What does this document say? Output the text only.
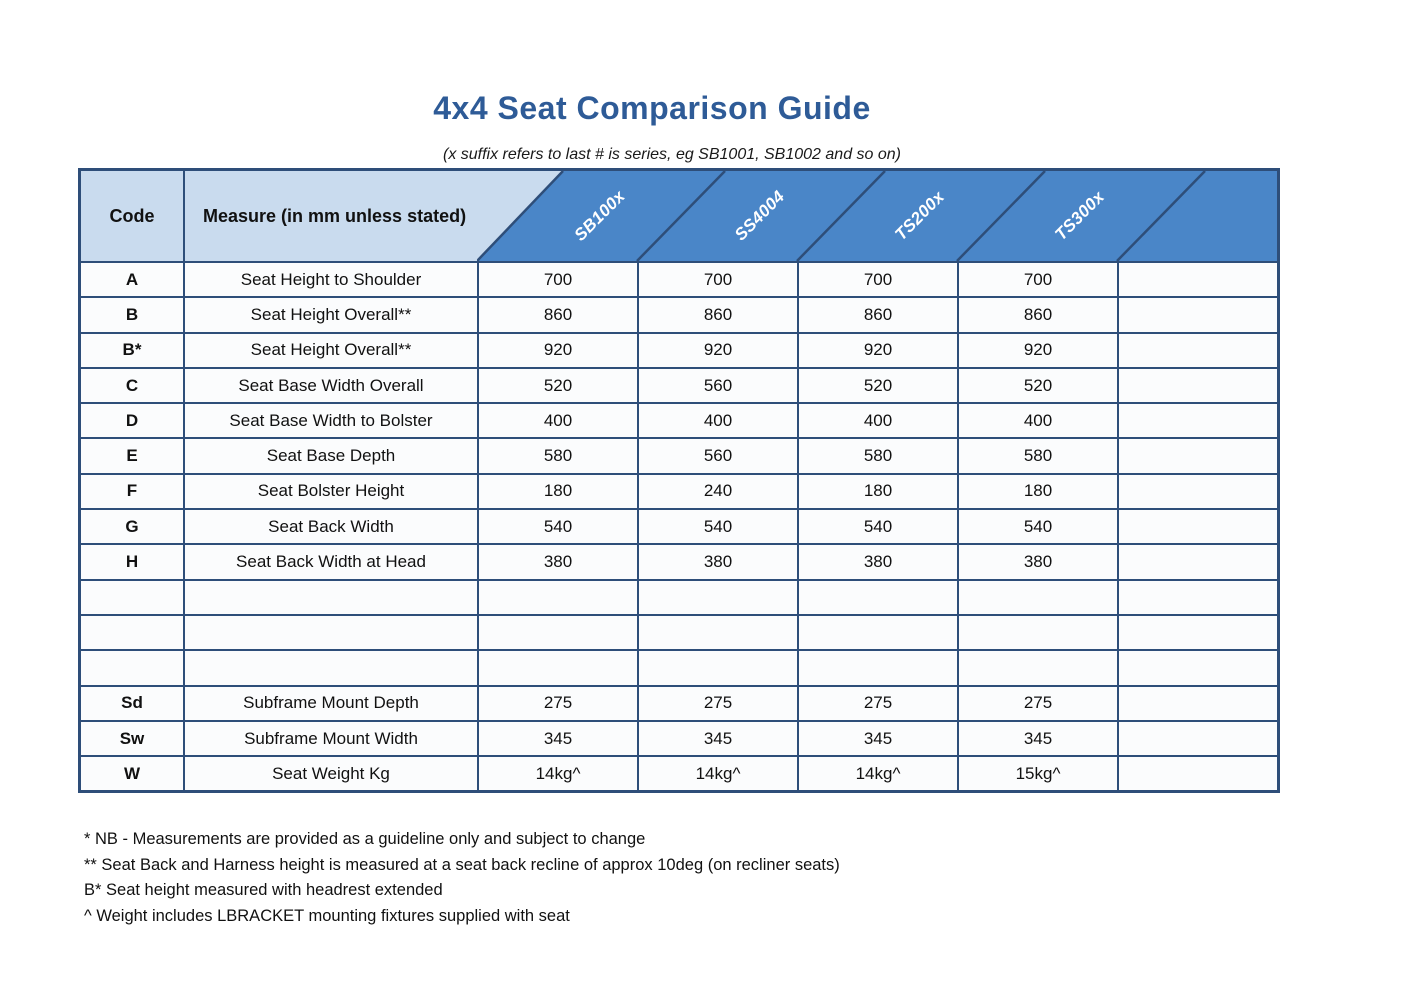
4x4 Seat Comparison Guide
(x suffix refers to last # is series, eg SB1001, SB1002 and so on)
Code	Measure (in mm unless stated)	SB100x	SS4004	TS200x	TS300x
A	Seat Height to Shoulder	700	700	700	700
B	Seat Height Overall**	860	860	860	860
B*	Seat Height Overall**	920	920	920	920
C	Seat Base Width Overall	520	560	520	520
D	Seat Base Width to Bolster	400	400	400	400
E	Seat Base Depth	580	560	580	580
F	Seat Bolster Height	180	240	180	180
G	Seat Back Width	540	540	540	540
H	Seat Back Width at Head	380	380	380	380
Sd	Subframe Mount Depth	275	275	275	275
Sw	Subframe Mount Width	345	345	345	345
W	Seat Weight Kg	14kg^	14kg^	14kg^	15kg^
* NB - Measurements are provided as a guideline only and subject to change
** Seat Back and Harness height is measured at a seat back recline of approx 10deg (on recliner seats)
B* Seat height measured with headrest extended
^ Weight includes LBRACKET mounting fixtures supplied with seat
